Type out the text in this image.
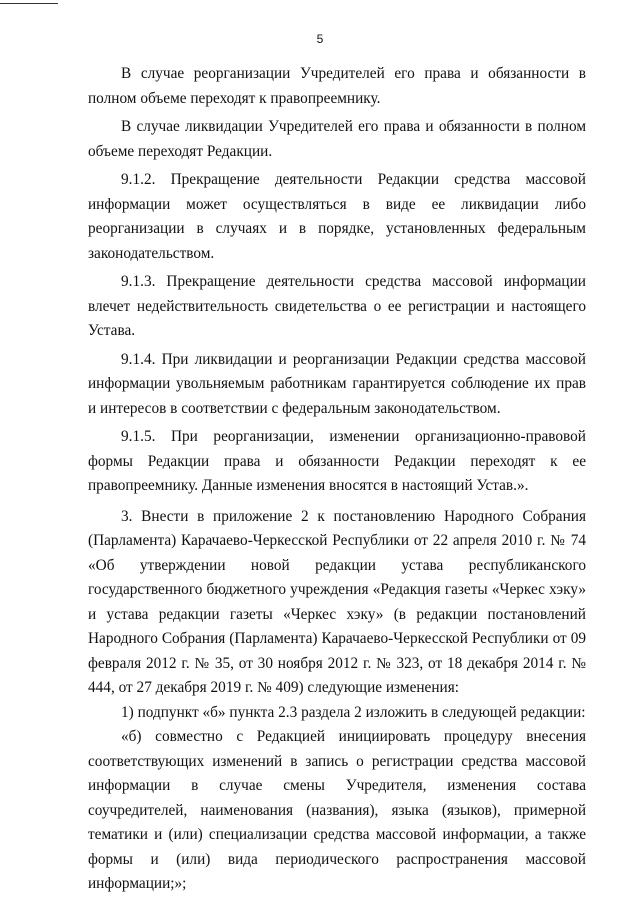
5

В случае реорганизации Учредителей его права и обязанности в полном объеме переходят к правопреемнику.

В случае ликвидации Учредителей его права и обязанности в полном объеме переходят Редакции.

9.1.2. Прекращение деятельности Редакции средства массовой информации может осуществляться в виде ее ликвидации либо реорганизации в случаях и в порядке, установленных федеральным законодательством.

9.1.3. Прекращение деятельности средства массовой информации влечет недействительность свидетельства о ее регистрации и настоящего Устава.

9.1.4. При ликвидации и реорганизации Редакции средства массовой информации увольняемым работникам гарантируется соблюдение их прав и интересов в соответствии с федеральным законодательством.

9.1.5. При реорганизации, изменении организационно-правовой формы Редакции права и обязанности Редакции переходят к ее правопреемнику. Данные изменения вносятся в настоящий Устав.».

3. Внести в приложение 2 к постановлению Народного Собрания (Парламента) Карачаево-Черкесской Республики от 22 апреля 2010 г. № 74 «Об утверждении новой редакции устава республиканского государственного бюджетного учреждения «Редакция газеты «Черкес хэку» и устава редакции газеты «Черкес хэку» (в редакции постановлений Народного Собрания (Парламента) Карачаево-Черкесской Республики от 09 февраля 2012 г. № 35, от 30 ноября 2012 г. № 323, от 18 декабря 2014 г. № 444, от 27 декабря 2019 г. № 409) следующие изменения:

1) подпункт «б» пункта 2.3 раздела 2 изложить в следующей редакции:

«б) совместно с Редакцией инициировать процедуру внесения соответствующих изменений в запись о регистрации средства массовой информации в случае смены Учредителя, изменения состава соучредителей, наименования (названия), языка (языков), примерной тематики и (или) специализации средства массовой информации, а также формы и (или) вида периодического распространения массовой информации;»;
